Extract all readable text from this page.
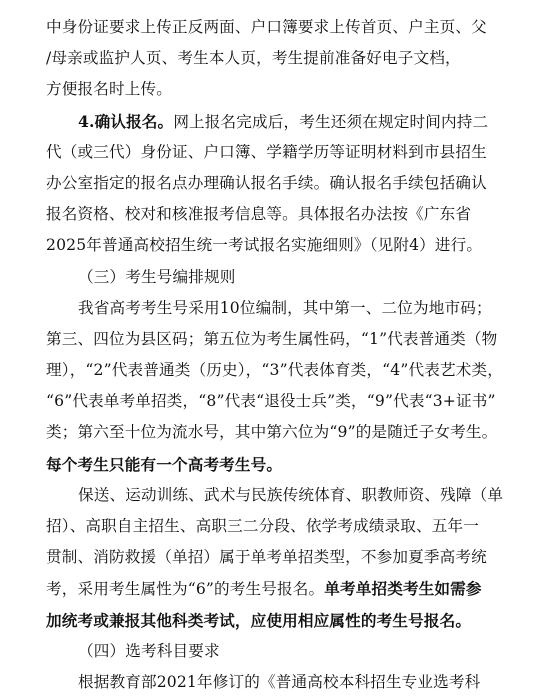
中身份证要求上传正反两面、户口簿要求上传首页、户主页、父
/母亲或监护人页、考生本人页，考生提前准备好电子文档，
方便报名时上传。
4.确认报名。网上报名完成后，考生还须在规定时间内持二
代（或三代）身份证、户口簿、学籍学历等证明材料到市县招生
办公室指定的报名点办理确认报名手续。确认报名手续包括确认
报名资格、校对和核准报考信息等。具体报名办法按《广东省
2025年普通高校招生统一考试报名实施细则》（见附4）进行。
（三）考生号编排规则
我省高考考生号采用10位编制，其中第一、二位为地市码；
第三、四位为县区码；第五位为考生属性码，“1”代表普通类（物
理），“2”代表普通类（历史），“3”代表体育类，“4”代表艺术类，
“6”代表单考单招类，“8”代表“退役士兵”类，“9”代表“3+证书”
类；第六至十位为流水号，其中第六位为“9”的是随迁子女考生。
每个考生只能有一个高考考生号。
保送、运动训练、武术与民族传统体育、职教师资、残障（单
招）、高职自主招生、高职三二分段、依学考成绩录取、五年一
贯制、消防救援（单招）属于单考单招类型，不参加夏季高考统
考，采用考生属性为“6”的考生号报名。单考单招类考生如需参
加统考或兼报其他科类考试，应使用相应属性的考生号报名。
（四）选考科目要求
根据教育部2021年修订的《普通高校本科招生专业选考科
